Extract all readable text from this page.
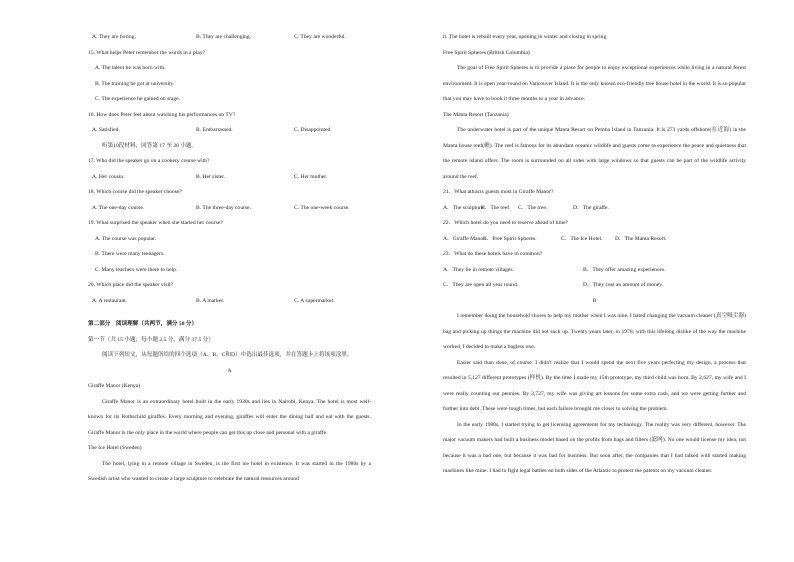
A. They are boring.	B. They are challenging.	C. They are wonderful.
15. What helps Peter remember the words in a play?
A. The talent he was born with.
B. The training he got at university.
C. The experience he gained on stage.
16. How does Peter feel about watching his performances on TV?
A. Satisfied.	B. Embarrassed.	C. Disappointed.
听第10段材料，回答第 17 至 20 小题。
17. Who did the speaker go on a cookery course with?
A. Her cousin.	B. Her sister.	C. Her mother.
18. Which course did the speaker choose?
A. The one-day course.	B. The three-day course.	C. The one-week course.
19. What surprised the speaker when she started her course?
A. The course was popular.
B. There were many teenagers.
C. Many teachers were there to help.
20. Which place did the speaker visit?
A. A restaurant.	B. A market.	C. A supermarket.
第二部分　阅读理解（共两节，满分 50 分）
第一节（共 15 小题；每小题 2.5 分，满分 37.5 分）
阅读下列短文，从每题所给的四个选项（A、B、C和D）中选出最佳选项，并在答题卡上将该项涂黑。
A
Giraffe Manor (Kenya)
Giraffe Manor is an extraordinary hotel built in the early 1930s and lies in Nairobi, Kenya. The hotel is most well-known for its Rothschild giraffes. Every morning and evening, giraffes will enter the dining hall and eat with the guests. Giraffe Manor is the only place in the world where people can get this up close and personal with a giraffe.
The Ice Hotel (Sweden)
The hotel, lying in a remote village in Sweden, is the first ice hotel in existence. It was started in the 1980s by a Swedish artist who wanted to create a large sculpture to celebrate the natural resources around
it. The hotel is rebuilt every year, opening in winter and closing in spring.
Free Spirit Spheres (British Columbia)
The goal of Free Spirit Spheres is to provide a place for people to enjoy exceptional experiences while living in a natural forest environment. It is open year-round on Vancouver Island. It is the only known eco-friendly tree house hotel in the world. It is so popular that you may have to book it three months to a year in advance.
The Manta Resort (Tanzania)
The underwater hotel is part of the unique Manta Resort on Pemba Island in Tanzania. It is 273 yards offshore(在近海) in the Manta house reef(礁). The reef is famous for its abundant oceanic wildlife and guests come to experience the peace and quietness that the remote island offers. The room is surrounded on all sides with large windows so that guests can be part of the wildlife activity around the reef.
21．What attracts guests most in Giraffe Manor?
A．The sculpture.
B．The reef.	C．The tree.	D．The giraffe.
22．Which hotel do you need to reserve ahead of time?
A．Giraffe Manor.
B．Free Spirit Spheres.	C．The Ice Hotel.	D．The Manta Resort.
23．What do these hotels have in common?
A．They lie in remote villages.	B．They offer amazing experiences.
C．They are open all year round.	D．They cost an amount of money.
B
I remember doing the household chores to help my mother when I was nine. I hated changing the vacuum cleaner (真空吸尘器) bag and picking up things the machine did not suck up. Twenty years later, in 1978, with this lifelong dislike of the way the machine worked, I decided to make a bagless one.
Easier said than done, of course. I didn't realize that I would spend the next five years perfecting my design, a process that resulted in 5,127 different prototypes (样机). By the time I made my 15th prototype, my third child was born. By 2,627, my wife and I were really counting our pennies. By 3,727, my wife was giving art lessons for some extra cash, and we were getting further and further into debt. These were tough times, but each failure brought me closer to solving the problem.
In the early 1980s, I started trying to get licensing agreements for my technology. The reality was very different, however. The major vacuum makers had built a business model based on the profits from bags and filters (滤网). No one would license my idea, not because it was a bad one, but because it was bad for business. But soon after, the companies that I had talked with started making machines like mine. I had to fight legal battles on both sides of the Atlantic to protect the patents on my vacuum cleaner.
